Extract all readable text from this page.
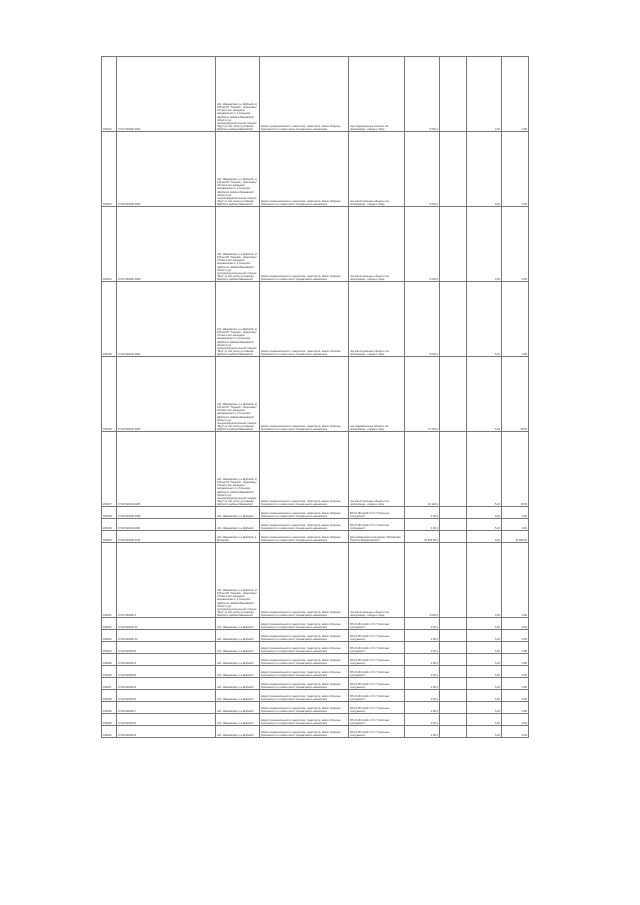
180213	37:07:040202:1041	обл. Ивановская, р-н Шуйский, от 105 км МГ "Горький - Череповец" d 8 мм в юго-западном направлении от д.Гальцово (Шуйского района Ивановской области) до газораспределительной станции "Шуя" (в том числе) д.Сивково Шуйского района Ивановской	Земли промышленности, энергетики, транспорта, земли обороны, безопасности и земли иного специального назначения	под magistральные объекты газ. газопровода - отвода к г.Шуе	5 602.4		4.00	0.05
180214	37:20:040202:1300	обл. Ивановская, р-н Шуйский, от 105 км МГ "Горький - Череповец" d 8 мм в юго-западном направлении от д.Гальцово (Шуйского района Ивановской области) до газораспределительной станции "Шуя" (в том числе) д.Сивково Шуйского района Ивановской	Земли промышленности, энергетики, транспорта, земли обороны, безопасности и земли иного специального назначения	под магистральные объекты газ. газопровода - отвода к г.Шуе	5 602.4		5.22	0.05
180214	37:07:040202:1039	обл. Ивановская, р-н Шуйский, от 105 км МГ "Горький - Череповец" d 8 мм в юго-западном направлении от д.Гальцово (Шуйского района Ивановской области) до газораспределительной станции "Шуя" (в том числе) д.Сивково Шуйского района Ивановской	Земли промышленности, энергетики, транспорта, земли обороны, безопасности и земли иного специального назначения	под магистральные объекты газ. газопровода - отвода к г.Шуе	5 602.4		4.00	0.05
180215	37:20:040202:1304	обл. Ивановская, р-н Шуйский, от 105 км МГ "Горький - Череповец" d 8 мм в юго-западном направлении от д.Гальцово (Шуйского района Ивановской области) до газораспределительной станции "Шуя" (в том числе) д.Сивково Шуйского района Ивановской	Земли промышленности, энергетики, транспорта, земли обороны, безопасности и земли иного специального назначения	под магистральные объекты газ. газопровода - отвода к г.Шуе	5 602.4		5.22	0.05
180216	37:20:040202:1265	обл. Ивановская, р-н Шуйский, от 105 км МГ "Горький - Череповец" d 8 мм в юго-западном направлении от д.Гальцово (Шуйского района Ивановской области) до газораспределительной станции "Шуя" (в том числе) д.Сивково Шуйского района Ивановской	Земли промышленности, энергетики, транспорта, земли обороны, безопасности и земли иного специального назначения	под magistральные объекты газ. газопровода - отвода к г.Шуе	17 260.4		5.22	28.84
180217	37:20:040202:1305	обл. Ивановская, р-н Шуйский, от 105 км МГ "Горький - Череповец" d 8 мм в юго-западном направлении от д.Гальцово (Шуйского района Ивановской области) до газораспределительной станции "Шуя" (в том числе) д.Сивково Шуйского района Ивановской	Земли промышленности, энергетики, транспорта, земли обороны, безопасности и земли иного специального назначения	под магистральные объекты газ. газопровода - отвода к г.Шуе	10 104.4		5.22	15.50
180218	37:20:040202:1295	обл. Ивановская, р-н Шуйский	Земли промышленности, энергетики, транспорта, земли обороны, безопасности и земли иного специального назначения	ВЛ-10 кВ №110 от ГС "Очистные сооружения"	0.00 4		5.22	0.00
180219	37:20:040202:1301	обл. Ивановская, р-н Шуйский	Земли промышленности, энергетики, транспорта, земли обороны, безопасности и земли иного специального назначения	ВЛ-10 кВ №110 от ГС "Очистные сооружения"	0.00 4		5.22	0.00
180000	37:20:040202:1014	обл. Ивановская, р-н Шуйский, д. Михалево	Земли промышленности, энергетики, транспорта, земли обороны, безопасности и земли иного специального назначения	Для размещения сооружения "Михайлово Полигон Михайловского"	30 503.00 4		5.22	24 680.60
180221	37:07:040202:1	обл. Ивановская, р-н Шуйский, от 105 км МГ "Горький - Череповец" d 8 мм в юго-западном направлении от д.Гальцово (Шуйского района Ивановской области) до газораспределительной станции "Шуя" (в том числе) д.Сивково Шуйского района Ивановской	Земли промышленности, энергетики, транспорта, земли обороны, безопасности и земли иного специального назначения	под магистральные объекты газ. газопровода - отвода к г.Шуе	4 602.4		4.00	4.00
180222	37:20:040202:19	обл. Ивановская, р-н Шуйский	Земли промышленности, энергетики, транспорта, земли обороны, безопасности и земли иного специального назначения	ВЛ-10 кВ №110 от ГС "Очистные сооружения"	0.00 4		5.22	0.04
180223	37:20:040202:14	обл. Ивановская, р-н Шуйский	Земли промышленности, энергетики, транспорта, земли обороны, безопасности и земли иного специального назначения	ВЛ-10 кВ №110 от ГС "Очистные сооружения"	0.00 4		5.22	0.05
180224	37:20:040202:5	обл. Ивановская, р-н Шуйский	Земли промышленности, энергетики, транспорта, земли обороны, безопасности и земли иного специального назначения	ВЛ-10 кВ №110 от ГС "Очистные сооружения"	0.00 4		5.22	0.08
180225	37:20:040202:3	обл. Ивановская, р-н Шуйский	Земли промышленности, энергетики, транспорта, земли обороны, безопасности и земли иного специального назначения	ВЛ-10 кВ №110 от ГС "Очистные сооружения"	0.00 4		5.22	0.06
180226	37:20:040202:8	обл. Ивановская, р-н Шуйский	Земли промышленности, энергетики, транспорта, земли обороны, безопасности и земли иного специального назначения	ВЛ-10 кВ №110 от ГС "Очистные сооружения"	0.00 4		5.22	0.40
180227	37:20:040202:5	обл. Ивановская, р-н Шуйский	Земли промышленности, энергетики, транспорта, земли обороны, безопасности и земли иного специального назначения	ВЛ-10 кВ №110 от ГС "Очистные сооружения"	0.00 4		5.22	0.06
180228	37:20:040202:5	обл. Ивановская, р-н Шуйский	Земли промышленности, энергетики, транспорта, земли обороны, безопасности и земли иного специального назначения	ВЛ-10 кВ №110 от ГС "Очистные сооружения"	0.00 4		5.22	0.06
180229	37:20:040202:7	обл. Ивановская, р-н Шуйский	Земли промышленности, энергетики, транспорта, земли обороны, безопасности и земли иного специального назначения	ВЛ-10 кВ №110 от ГС "Очистные сооружения"	0.00 4		5.22	0.06
180230	37:20:040202:6	обл. Ивановская, р-н Шуйский	Земли промышленности, энергетики, транспорта, земли обороны, безопасности и земли иного специального назначения	ВЛ-10 кВ №110 от ГС "Очистные сооружения"	0.00 4		5.22	0.04
180231	37:20:040202:5	обл. Ивановская, р-н Шуйский	Земли промышленности, энергетики, транспорта, земли обороны, безопасности и земли иного специального назначения	ВЛ-10 кВ №110 от ГС "Очистные сооружения"	0.00 4		5.22	0.04
